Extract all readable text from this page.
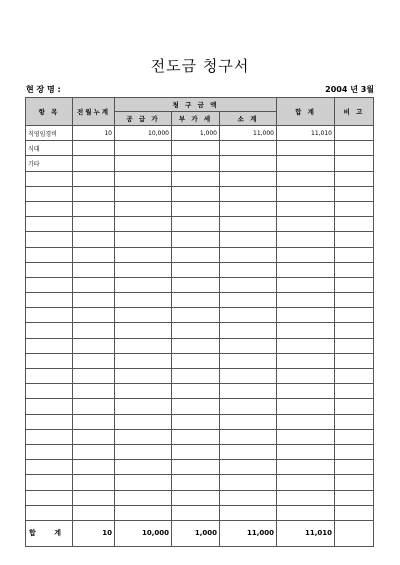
전도금 청구서
현 장 명 :	2004 년 3월
항 목	전월누계	청 구 금 액			합 계	비 고
		공 급 가	부 가 세	소 계		
직영임경비	10	10,000	1,000	11,000	11,010	
식대						
기타						

합 계	10	10,000	1,000	11,000	11,010	
